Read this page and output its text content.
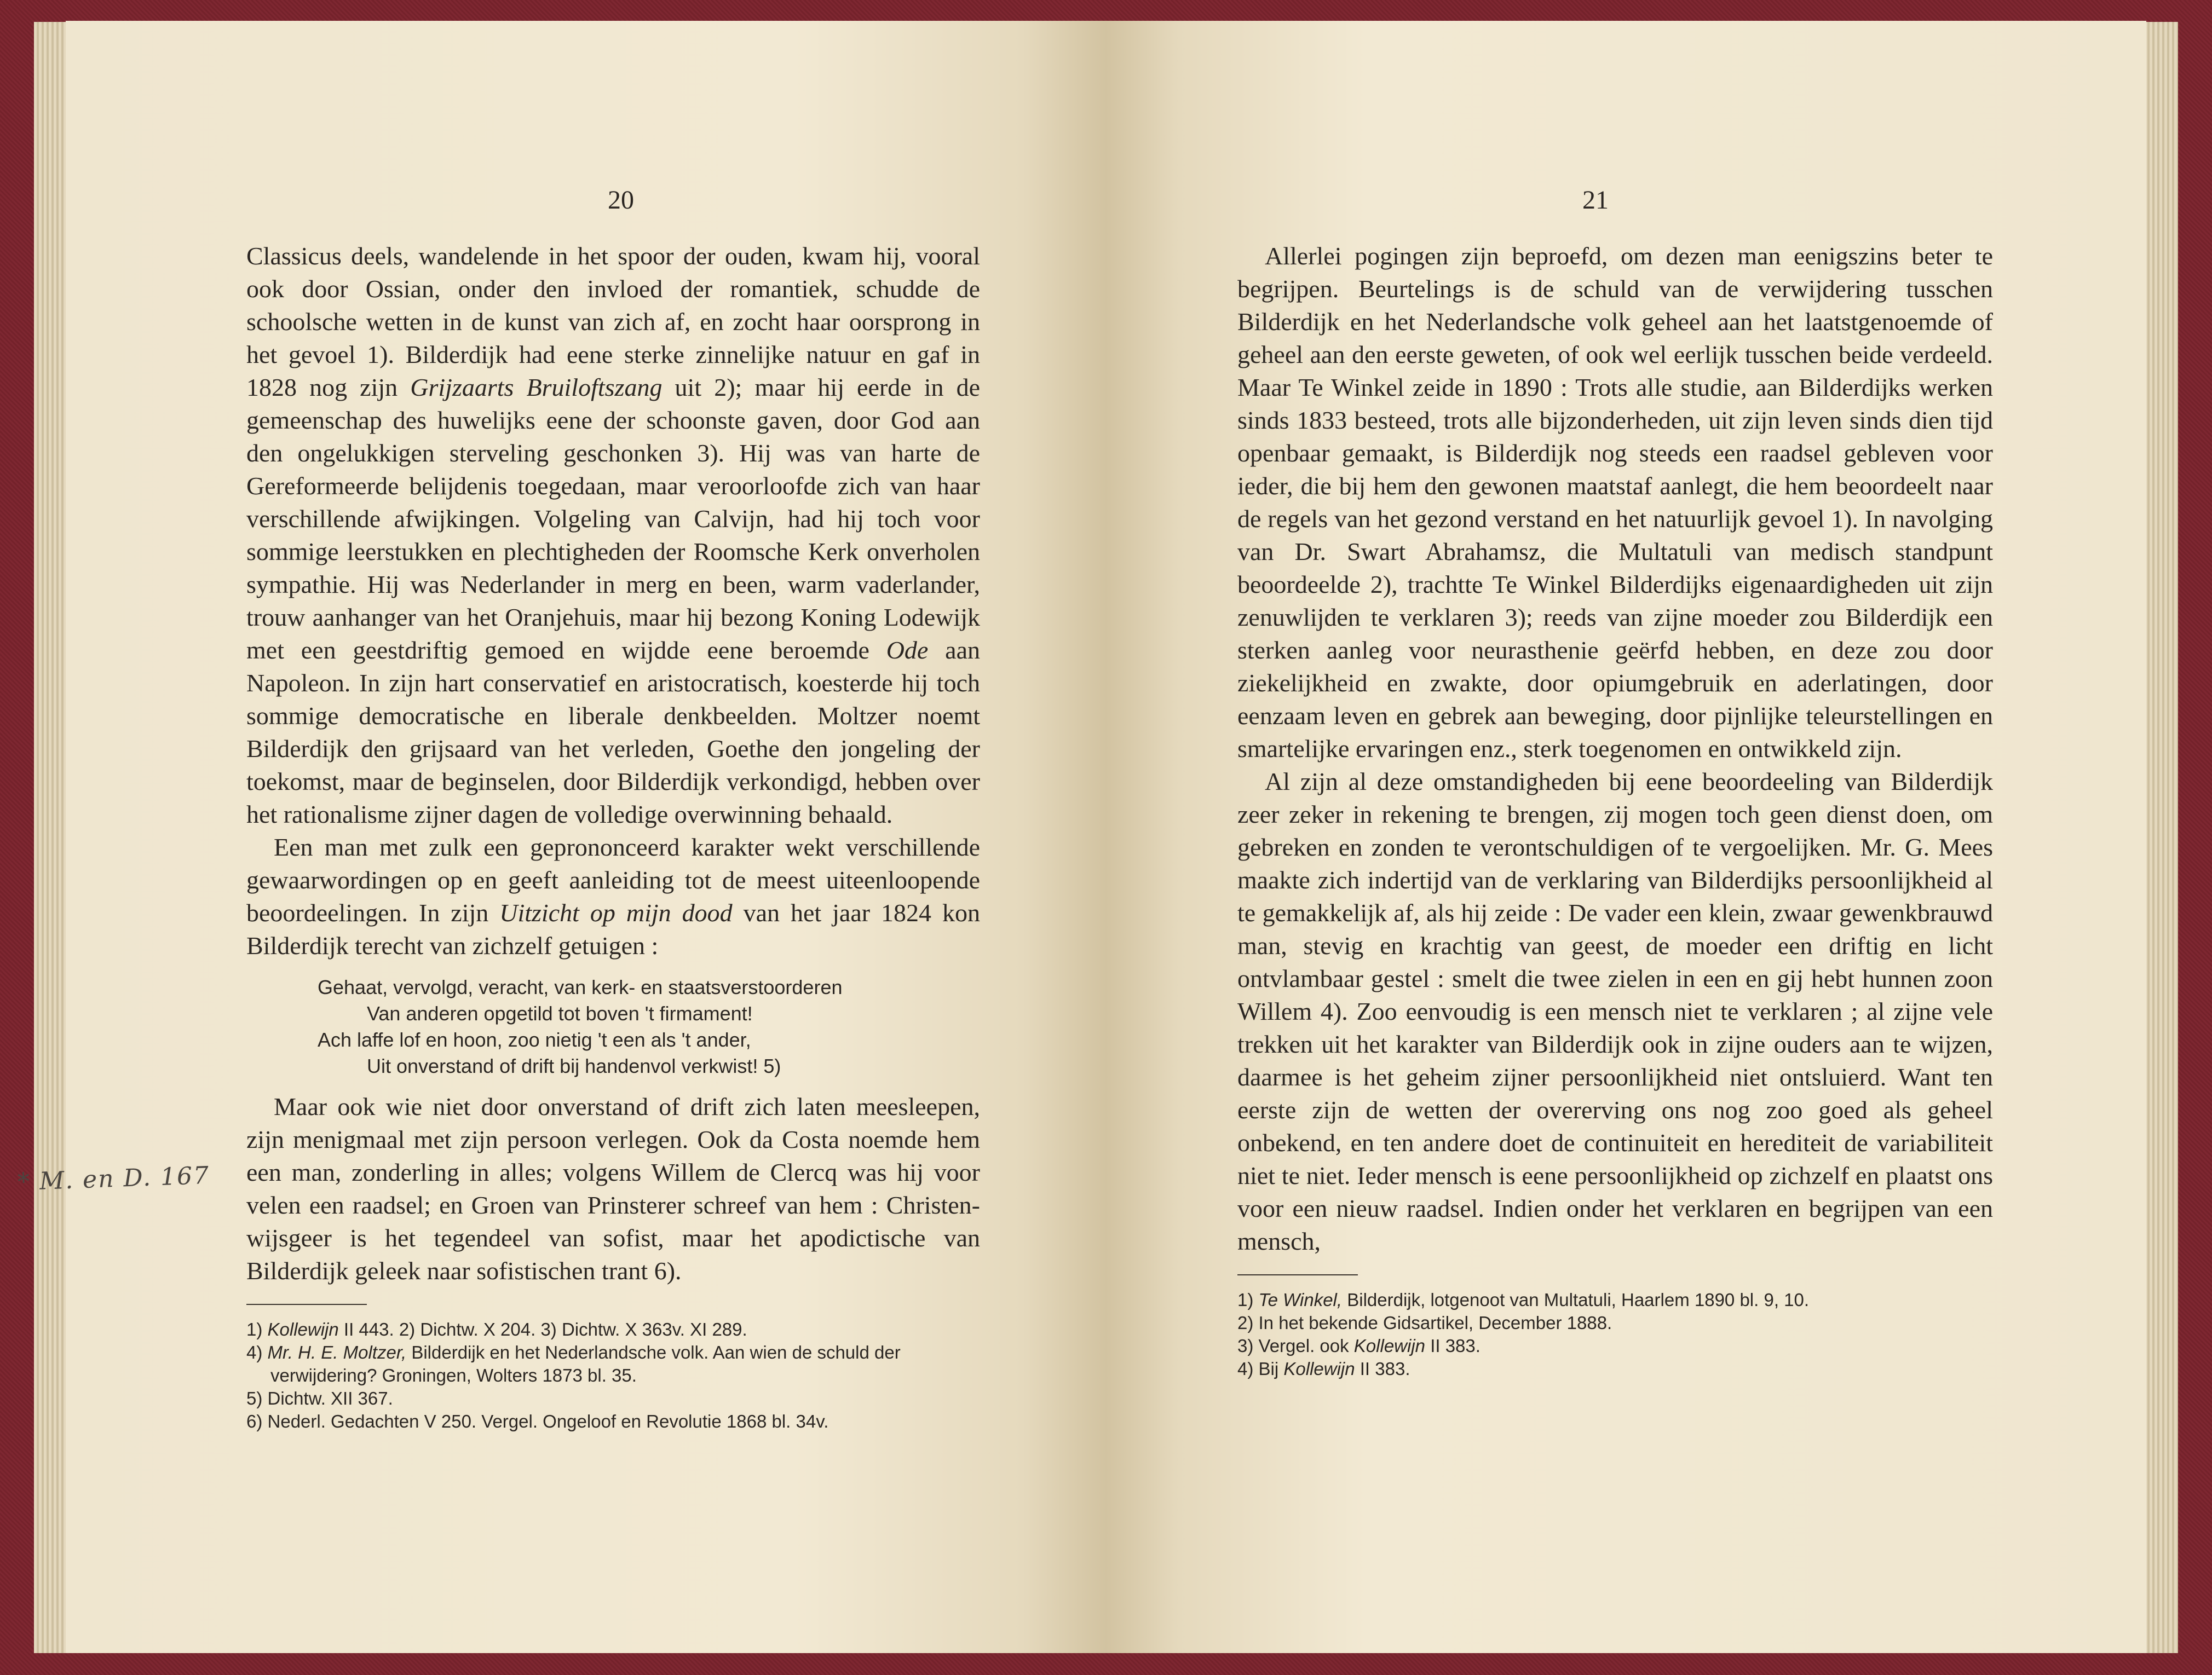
20

Classicus deels, wandelende in het spoor der ouden, kwam hij, vooral ook door Ossian, onder den invloed der romantiek, schudde de schoolsche wetten in de kunst van zich af, en zocht haar oorsprong in het gevoel 1). Bilderdijk had eene sterke zinnelijke natuur en gaf in 1828 nog zijn Grijzaarts Bruiloftszang uit 2); maar hij eerde in de gemeenschap des huwelijks eene der schoonste gaven, door God aan den ongelukkigen sterveling geschonken 3). Hij was van harte de Gereformeerde belijdenis toegedaan, maar veroorloofde zich van haar verschillende afwijkingen. Volgeling van Calvijn, had hij toch voor sommige leerstukken en plechtigheden der Roomsche Kerk onverholen sympathie. Hij was Nederlander in merg en been, warm vaderlander, trouw aanhanger van het Oranjehuis, maar hij bezong Koning Lodewijk met een geestdriftig gemoed en wijdde eene beroemde Ode aan Napoleon. In zijn hart conservatief en aristocratisch, koesterde hij toch sommige democratische en liberale denkbeelden. Moltzer noemt Bilderdijk den grijsaard van het verleden, Goethe den jongeling der toekomst, maar de beginselen, door Bilderdijk verkondigd, hebben over het rationalisme zijner dagen de volledige overwinning behaald.

Een man met zulk een geprononceerd karakter wekt verschillende gewaarwordingen op en geeft aanleiding tot de meest uiteenloopende beoordeelingen. In zijn Uitzicht op mijn dood van het jaar 1824 kon Bilderdijk terecht van zichzelf getuigen :

Gehaat, vervolgd, veracht, van kerk- en staatsverstoorderen
Van anderen opgetild tot boven 't firmament!
Ach laffe lof en hoon, zoo nietig 't een als 't ander,
Uit onverstand of drift bij handenvol verkwist! 5)

Maar ook wie niet door onverstand of drift zich laten meesleepen, zijn menigmaal met zijn persoon verlegen. Ook da Costa noemde hem een man, zonderling in alles; volgens Willem de Clercq was hij voor velen een raadsel; en Groen van Prinsterer schreef van hem : Christen-wijsgeer is het tegendeel van sofist, maar het apodictische van Bilderdijk geleek naar sofistischen trant 6).

1) Kollewijn II 443. 2) Dichtw. X 204. 3) Dichtw. X 363v. XI 289.
4) Mr. H. E. Moltzer, Bilderdijk en het Nederlandsche volk. Aan wien de schuld der verwijdering? Groningen, Wolters 1873 bl. 35.
5) Dichtw. XII 367.
6) Nederl. Gedachten V 250. Vergel. Ongeloof en Revolutie 1868 bl. 34v.
* M. en D. 167
21

Allerlei pogingen zijn beproefd, om dezen man eenigszins beter te begrijpen. Beurtelings is de schuld van de verwijdering tusschen Bilderdijk en het Nederlandsche volk geheel aan het laatstgenoemde of geheel aan den eerste geweten, of ook wel eerlijk tusschen beide verdeeld. Maar Te Winkel zeide in 1890 : Trots alle studie, aan Bilderdijks werken sinds 1833 besteed, trots alle bijzonderheden, uit zijn leven sinds dien tijd openbaar gemaakt, is Bilderdijk nog steeds een raadsel gebleven voor ieder, die bij hem den gewonen maatstaf aanlegt, die hem beoordeelt naar de regels van het gezond verstand en het natuurlijk gevoel 1). In navolging van Dr. Swart Abrahamsz, die Multatuli van medisch standpunt beoordeelde 2), trachtte Te Winkel Bilderdijks eigenaardigheden uit zijn zenuwlijden te verklaren 3); reeds van zijne moeder zou Bilderdijk een sterken aanleg voor neurasthenie geërfd hebben, en deze zou door ziekelijkheid en zwakte, door opiumgebruik en aderlatingen, door eenzaam leven en gebrek aan beweging, door pijnlijke teleurstellingen en smartelijke ervaringen enz., sterk toegenomen en ontwikkeld zijn.

Al zijn al deze omstandigheden bij eene beoordeeling van Bilderdijk zeer zeker in rekening te brengen, zij mogen toch geen dienst doen, om gebreken en zonden te verontschuldigen of te vergoelijken. Mr. G. Mees maakte zich indertijd van de verklaring van Bilderdijks persoonlijkheid al te gemakkelijk af, als hij zeide : De vader een klein, zwaar gewenkbrauwd man, stevig en krachtig van geest, de moeder een driftig en licht ontvlambaar gestel : smelt die twee zielen in een en gij hebt hunnen zoon Willem 4). Zoo eenvoudig is een mensch niet te verklaren ; al zijne vele trekken uit het karakter van Bilderdijk ook in zijne ouders aan te wijzen, daarmee is het geheim zijner persoonlijkheid niet ontsluierd. Want ten eerste zijn de wetten der overerving ons nog zoo goed als geheel onbekend, en ten andere doet de continuiteit en herediteit de variabiliteit niet te niet. Ieder mensch is eene persoonlijkheid op zichzelf en plaatst ons voor een nieuw raadsel. Indien onder het verklaren en begrijpen van een mensch,

1) Te Winkel, Bilderdijk, lotgenoot van Multatuli, Haarlem 1890 bl. 9, 10.
2) In het bekende Gidsartikel, December 1888.
3) Vergel. ook Kollewijn II 383.
4) Bij Kollewijn II 383.
